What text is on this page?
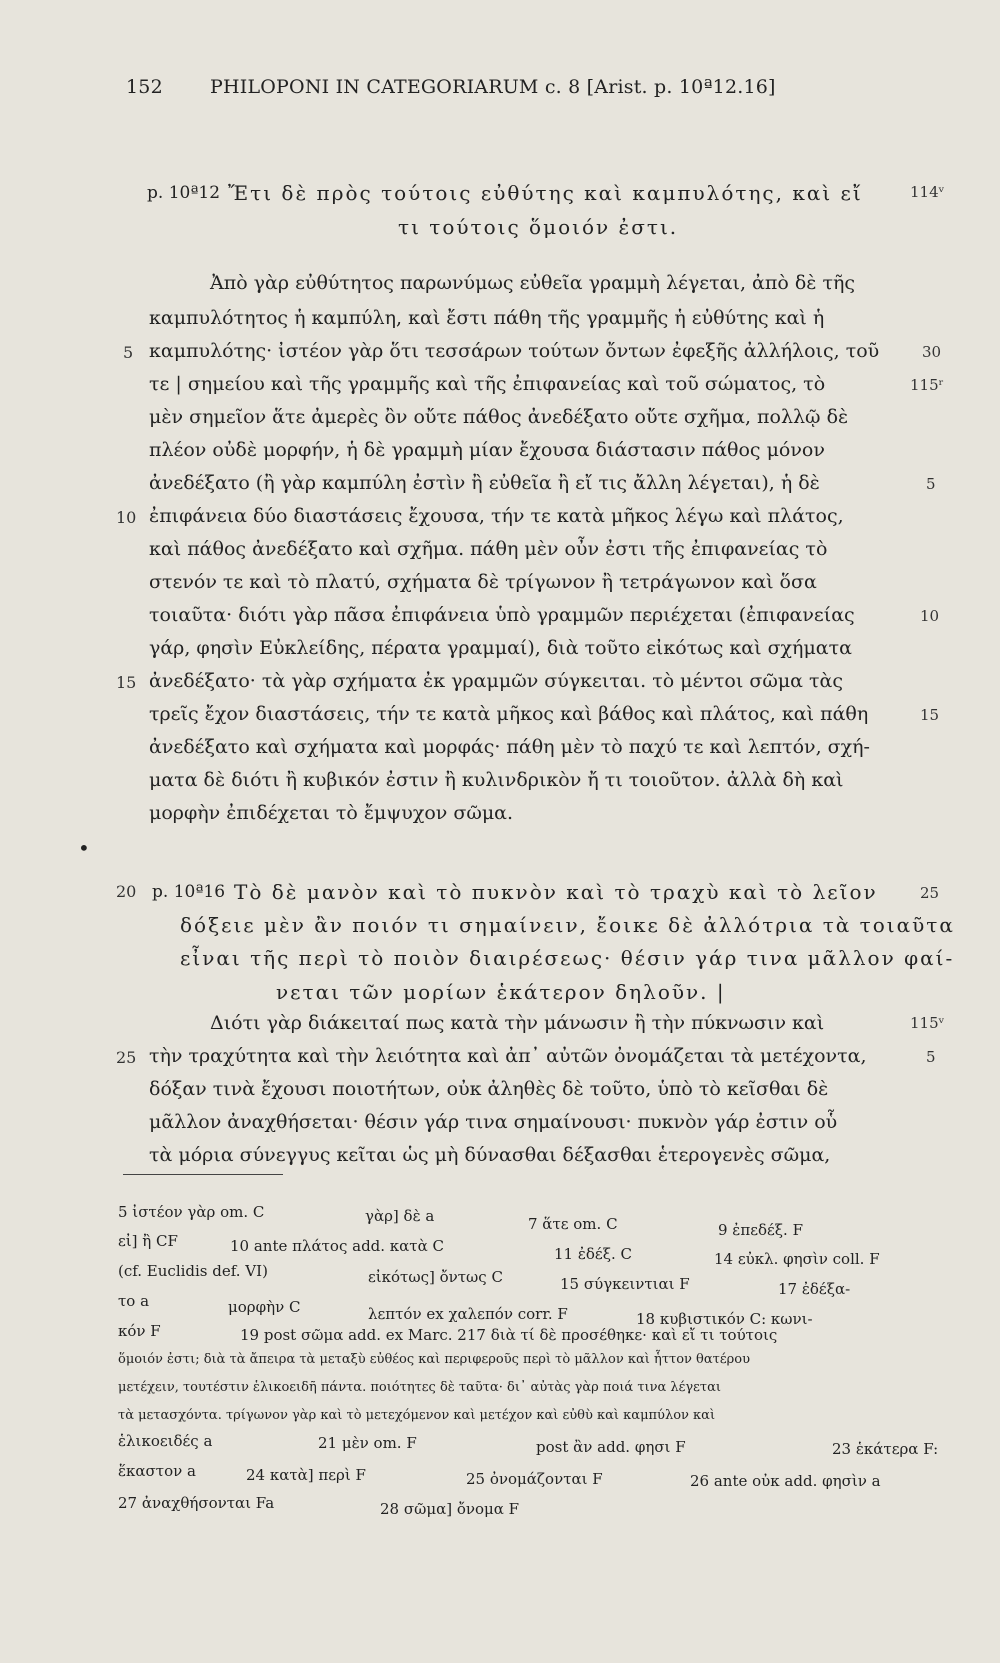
152 PHILOPONI IN CATEGORIARUM c. 8 [Arist. p. 10ª12.16]
p. 10ª12 Ἔτι δὲ πρὸς τούτοις εὐθύτης καὶ καμπυλότης, καὶ εἴ	114ᵛ
τι τούτοις ὅμοιόν ἐστι.
Ἀπὸ γὰρ εὐθύτητος παρωνύμως εὐθεῖα γραμμὴ λέγεται, ἀπὸ δὲ τῆς
καμπυλότητος ἡ καμπύλη, καὶ ἔστι πάθη τῆς γραμμῆς ἡ εὐθύτης καὶ ἡ
καμπυλότης· ἰστέον γὰρ ὅτι τεσσάρων τούτων ὄντων ἐφεξῆς ἀλλήλοις, τοῦ
τε | σημείου καὶ τῆς γραμμῆς καὶ τῆς ἐπιφανείας καὶ τοῦ σώματος, τὸ
μὲν σημεῖον ἅτε ἀμερὲς ὂν οὔτε πάθος ἀνεδέξατο οὔτε σχῆμα, πολλῷ δὲ
πλέον οὐδὲ μορφήν, ἡ δὲ γραμμὴ μίαν ἔχουσα διάστασιν πάθος μόνον
ἀνεδέξατο (ἢ γὰρ καμπύλη ἐστὶν ἢ εὐθεῖα ἢ εἴ τις ἄλλη λέγεται), ἡ δὲ
ἐπιφάνεια δύο διαστάσεις ἔχουσα, τήν τε κατὰ μῆκος λέγω καὶ πλάτος,
καὶ πάθος ἀνεδέξατο καὶ σχῆμα. πάθη μὲν οὖν ἐστι τῆς ἐπιφανείας τὸ
στενόν τε καὶ τὸ πλατύ, σχήματα δὲ τρίγωνον ἢ τετράγωνον καὶ ὅσα
τοιαῦτα· διότι γὰρ πᾶσα ἐπιφάνεια ὑπὸ γραμμῶν περιέχεται (ἐπιφανείας
γάρ, φησὶν Εὐκλείδης, πέρατα γραμμαί), διὰ τοῦτο εἰκότως καὶ σχήματα
ἀνεδέξατο· τὰ γὰρ σχήματα ἐκ γραμμῶν σύγκειται. τὸ μέντοι σῶμα τὰς
τρεῖς ἔχον διαστάσεις, τήν τε κατὰ μῆκος καὶ βάθος καὶ πλάτος, καὶ πάθη
ἀνεδέξατο καὶ σχήματα καὶ μορφάς· πάθη μὲν τὸ παχύ τε καὶ λεπτόν, σχή-
ματα δὲ διότι ἢ κυβικόν ἐστιν ἢ κυλινδρικὸν ἤ τι τοιοῦτον. ἀλλὰ δὴ καὶ
μορφὴν ἐπιδέχεται τὸ ἔμψυχον σῶμα.
5
10
15
20
25
30
115ʳ
5
10
15
25
115ᵛ
5
•
p. 10ª16 Τὸ δὲ μανὸν καὶ τὸ πυκνὸν καὶ τὸ τραχὺ καὶ τὸ λεῖον
δόξειε μὲν ἂν ποιόν τι σημαίνειν, ἔοικε δὲ ἀλλότρια τὰ τοιαῦτα
εἶναι τῆς περὶ τὸ ποιὸν διαιρέσεως· θέσιν γάρ τινα μᾶλλον φαί-
νεται τῶν μορίων ἑκάτερον δηλοῦν. |
Διότι γὰρ διάκειταί πως κατὰ τὴν μάνωσιν ἢ τὴν πύκνωσιν καὶ
τὴν τραχύτητα καὶ τὴν λειότητα καὶ ἀπ᾽ αὐτῶν ὀνομάζεται τὰ μετέχοντα,
δόξαν τινὰ ἔχουσι ποιοτήτων, οὐκ ἀληθὲς δὲ τοῦτο, ὑπὸ τὸ κεῖσθαι δὲ
μᾶλλον ἀναχθήσεται· θέσιν γάρ τινα σημαίνουσι· πυκνὸν γάρ ἐστιν οὗ
τὰ μόρια σύνεγγυς κεῖται ὡς μὴ δύνασθαι δέξασθαι ἑτερογενὲς σῶμα,
5 ἰστέον γὰρ om. C	γὰρ] δὲ a	7 ἅτε om. C	9 ἐπεδέξ. F
εἰ] ἢ CF	10 ante πλάτος add. κατὰ C	11 ἐδέξ. C	14 εὐκλ. φησὶν coll. F
(cf. Euclidis def. VI)	εἰκότως] ὄντως C	15 σύγκειντιαι F	17 ἐδέξα-
το a	μορφὴν C	λεπτόν ex χαλεπόν corr. F	18 κυβιστικόν C: κωνι-
κόν F	19 post σῶμα add. ex Marc. 217 διὰ τί δὲ προσέθηκε· καὶ εἴ τι τούτοις
ὅμοιόν ἐστι; διὰ τὰ ἄπειρα τὰ μεταξὺ εὐθέος καὶ περιφεροῦς περὶ τὸ μᾶλλον καὶ ἧττον θατέρου
μετέχειν, τουτέστιν ἑλικοειδῆ πάντα. ποιότητες δὲ ταῦτα· δι᾽ αὐτὰς γὰρ ποιά τινα λέγεται
τὰ μετασχόντα. τρίγωνον γὰρ καὶ τὸ μετεχόμενον καὶ μετέχον καὶ εὐθὺ καὶ καμπύλον καὶ
ἑλικοειδές a	21 μὲν om. F	post ἂν add. φησι F	23 ἑκάτερα F:
ἕκαστον a	24 κατὰ] περὶ F	25 ὀνομάζονται F	26 ante οὐκ add. φησὶν a
27 ἀναχθήσονται Fa	28 σῶμα] ὄνομα F
